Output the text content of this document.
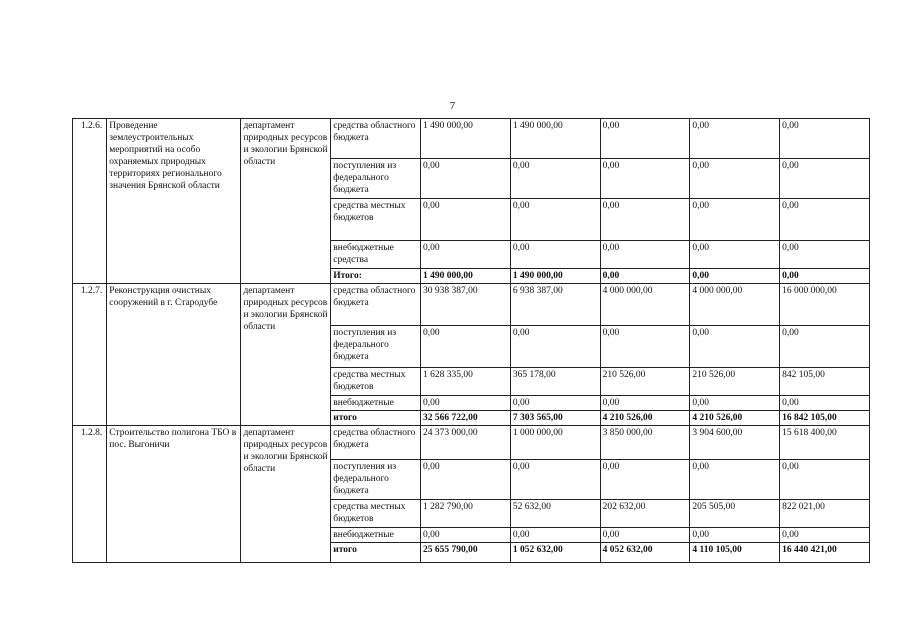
7
1.2.6.	Проведение землеустроительных мероприятий на особо охраняемых природных территориях регионального значения Брянской области	департамент природных ресурсов и экологии Брянской области	средства областного бюджета	1 490 000,00	1 490 000,00	0,00	0,00	0,00
			поступления из федерального бюджета	0,00	0,00	0,00	0,00	0,00
			средства местных бюджетов	0,00	0,00	0,00	0,00	0,00
			внебюджетные средства	0,00	0,00	0,00	0,00	0,00
			Итого:	1 490 000,00	1 490 000,00	0,00	0,00	0,00
1.2.7.	Реконструкция очистных сооружений в г. Стародубе	департамент природных ресурсов и экологии Брянской области	средства областного бюджета	30 938 387,00	6 938 387,00	4 000 000,00	4 000 000,00	16 000 000,00
			поступления из федерального бюджета	0,00	0,00	0,00	0,00	0,00
			средства местных бюджетов	1 628 335,00	365 178,00	210 526,00	210 526,00	842 105,00
			внебюджетные	0,00	0,00	0,00	0,00	0,00
			итого	32 566 722,00	7 303 565,00	4 210 526,00	4 210 526,00	16 842 105,00
1.2.8.	Строительство полигона ТБО в пос. Выгоничи	департамент природных ресурсов и экологии Брянской области	средства областного бюджета	24 373 000,00	1 000 000,00	3 850 000,00	3 904 600,00	15 618 400,00
			поступления из федерального бюджета	0,00	0,00	0,00	0,00	0,00
			средства местных бюджетов	1 282 790,00	52 632,00	202 632,00	205 505,00	822 021,00
			внебюджетные	0,00	0,00	0,00	0,00	0,00
			итого	25 655 790,00	1 052 632,00	4 052 632,00	4 110 105,00	16 440 421,00
